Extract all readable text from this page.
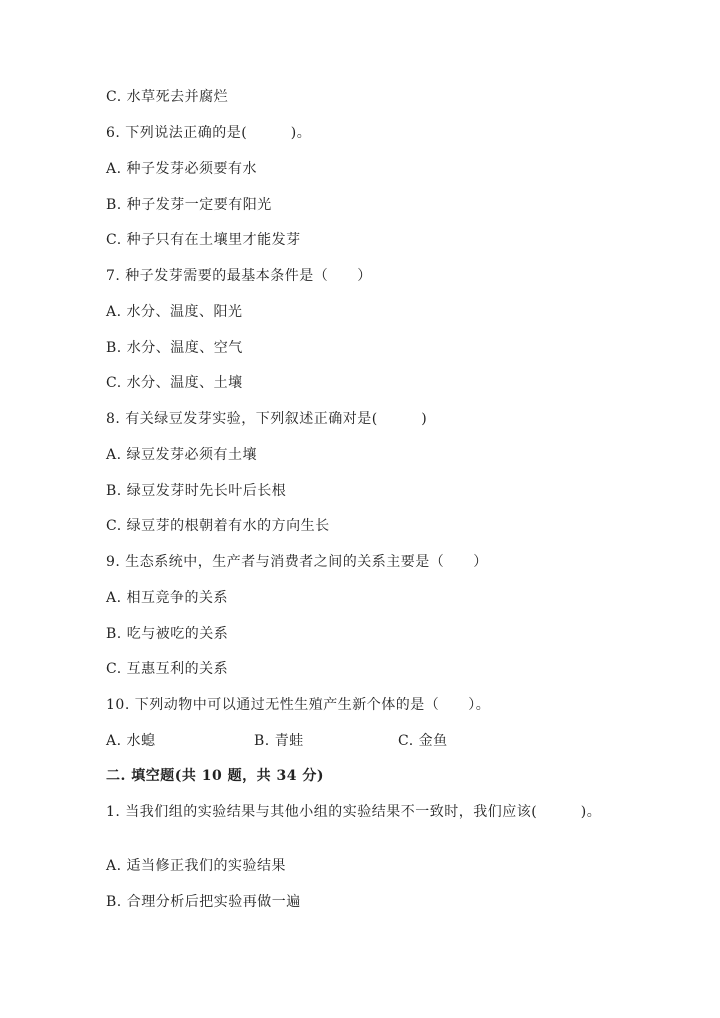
C. 水草死去并腐烂
6. 下列说法正确的是(　　　)。
A. 种子发芽必须要有水
B. 种子发芽一定要有阳光
C. 种子只有在土壤里才能发芽
7. 种子发芽需要的最基本条件是（　　）
A. 水分、温度、阳光
B. 水分、温度、空气
C. 水分、温度、土壤
8. 有关绿豆发芽实验，下列叙述正确对是(　　　)
A. 绿豆发芽必须有土壤
B. 绿豆发芽时先长叶后长根
C. 绿豆芽的根朝着有水的方向生长
9. 生态系统中，生产者与消费者之间的关系主要是（　　）
A. 相互竞争的关系
B. 吃与被吃的关系
C. 互惠互利的关系
10. 下列动物中可以通过无性生殖产生新个体的是（　　）。
A. 水螅	B. 青蛙	C. 金鱼
二. 填空题(共 10 题，共 34 分)
1. 当我们组的实验结果与其他小组的实验结果不一致时，我们应该(　　　)。
A. 适当修正我们的实验结果
B. 合理分析后把实验再做一遍
